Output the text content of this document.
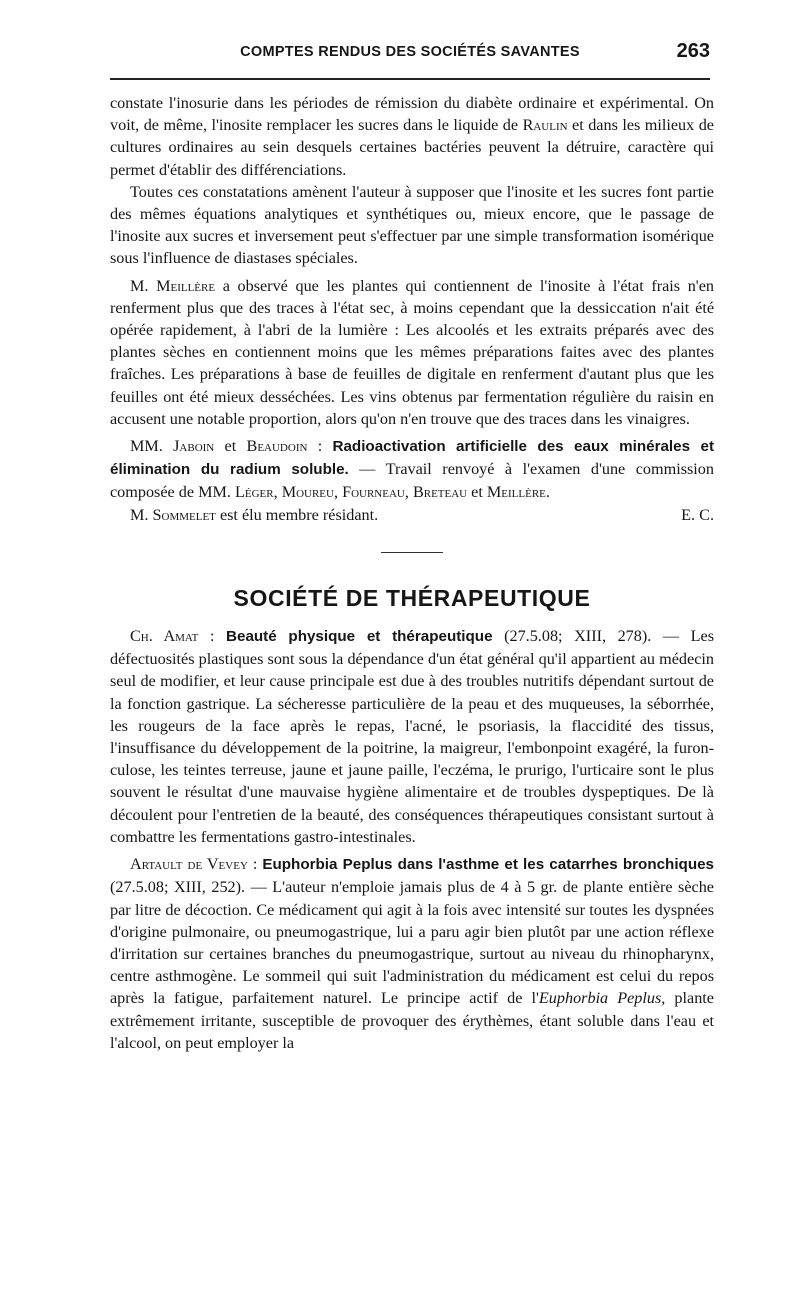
COMPTES RENDUS DES SOCIÉTÉS SAVANTES	263

constate l'inosurie dans les périodes de rémission du diabète ordinaire et expérimental. On voit, de même, l'inosite remplacer les sucres dans le liquide de Raulin et dans les milieux de cultures ordinaires au sein desquels certaines bactéries peuvent la détruire, caractère qui permet d'établir des différenciations.

Toutes ces constatations amènent l'auteur à supposer que l'inosite et les sucres font partie des mêmes équations analytiques et synthétiques ou, mieux encore, que le passage de l'inosite aux sucres et inversement peut s'effectuer par une simple transformation isomérique sous l'influence de diastases spéciales.

M. Meillère a observé que les plantes qui contiennent de l'inosite à l'état frais n'en renferment plus que des traces à l'état sec, à moins cependant que la dessiccation n'ait été opérée rapidement, à l'abri de la lumière : Les alcoolés et les extraits préparés avec des plantes sèches en contiennent moins que les mêmes préparations faites avec des plantes fraîches. Les préparations à base de feuilles de digitale en renferment d'autant plus que les feuilles ont été mieux desséchées. Les vins obtenus par fermentation régulière du raisin en accusent une notable proportion, alors qu'on n'en trouve que des traces dans les vinaigres.

MM. Jaboin et Beaudoin : Radioactivation artificielle des eaux minérales et élimination du radium soluble. — Travail renvoyé à l'examen d'une commission composée de MM. Léger, Moureu, Fourneau, Breteau et Meillère.

M. Sommelet est élu membre résidant.	E. C.

SOCIÉTÉ DE THÉRAPEUTIQUE

Ch. Amat : Beauté physique et thérapeutique (27.5.08; XIII, 278). — Les défectuosités plastiques sont sous la dépendance d'un état général qu'il appartient au médecin seul de modifier, et leur cause principale est due à des troubles nutritifs dépendant surtout de la fonction gastrique. La sécheresse particulière de la peau et des muqueuses, la séborrhée, les rougeurs de la face après le repas, l'acné, le psoriasis, la flaccidité des tissus, l'insuffisance du développement de la poitrine, la maigreur, l'embonpoint exagéré, la furonculose, les teintes terreuse, jaune et jaune paille, l'eczéma, le prurigo, l'urticaire sont le plus souvent le résultat d'une mauvaise hygiène alimentaire et de troubles dyspeptiques. De là découlent pour l'entretien de la beauté, des conséquences thérapeutiques consistant surtout à combattre les fermentations gastro-intestinales.

Artault de Vevey : Euphorbia Peplus dans l'asthme et les catarrhes bronchiques (27.5.08; XIII, 252). — L'auteur n'emploie jamais plus de 4 à 5 gr. de plante entière sèche par litre de décoction. Ce médicament qui agit à la fois avec intensité sur toutes les dyspnées d'origine pulmonaire, ou pneumogastrique, lui a paru agir bien plutôt par une action réflexe d'irritation sur certaines branches du pneumogastrique, surtout au niveau du rhinopharynx, centre asthmogène. Le sommeil qui suit l'administration du médicament est celui du repos après la fatigue, parfaitement naturel. Le principe actif de l'Euphorbia Peplus, plante extrêmement irritante, susceptible de provoquer des érythèmes, étant soluble dans l'eau et l'alcool, on peut employer la
